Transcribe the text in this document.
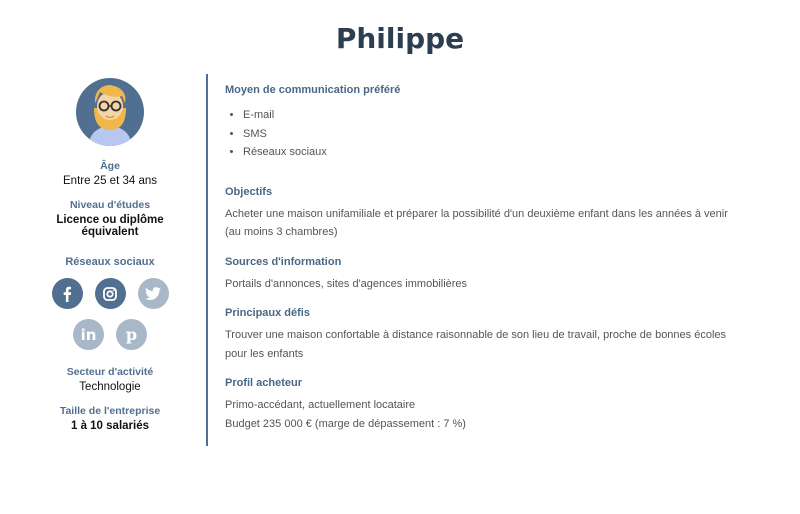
Philippe
Âge
Entre 25 et 34 ans
Niveau d'études
Licence ou diplôme équivalent
Réseaux sociaux
in p
Secteur d'activité
Technologie
Taille de l'entreprise
1 à 10 salariés
Moyen de communication préféré
• E-mail
• SMS
• Réseaux sociaux
Objectifs
Acheter une maison unifamiliale et préparer la possibilité d'un deuxième enfant dans les années à venir (au moins 3 chambres)
Sources d'information
Portails d'annonces, sites d'agences immobilières
Principaux défis
Trouver une maison confortable à distance raisonnable de son lieu de travail, proche de bonnes écoles pour les enfants
Profil acheteur
Primo-accédant, actuellement locataire
Budget 235 000 € (marge de dépassement : 7 %)
